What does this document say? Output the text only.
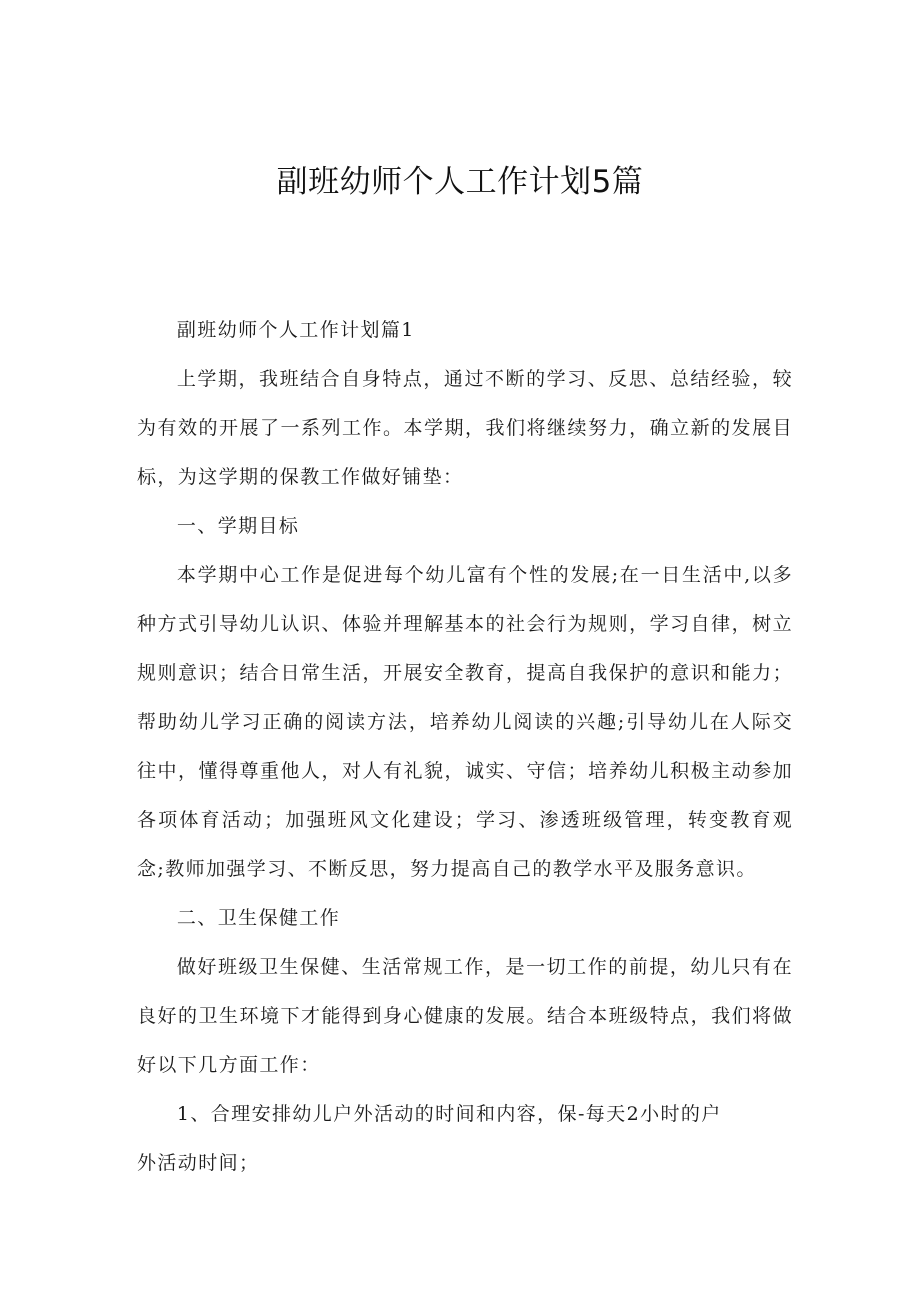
副班幼师个人工作计划5篇

副班幼师个人工作计划篇1

上学期，我班结合自身特点，通过不断的学习、反思、总结经验，较为有效的开展了一系列工作。本学期，我们将继续努力，确立新的发展目标，为这学期的保教工作做好铺垫：

一、学期目标

本学期中心工作是促进每个幼儿富有个性的发展;在一日生活中,以多种方式引导幼儿认识、体验并理解基本的社会行为规则，学习自律，树立规则意识；结合日常生活，开展安全教育，提高自我保护的意识和能力；帮助幼儿学习正确的阅读方法，培养幼儿阅读的兴趣;引导幼儿在人际交往中，懂得尊重他人，对人有礼貌，诚实、守信；培养幼儿积极主动参加各项体育活动；加强班风文化建设；学习、渗透班级管理，转变教育观念;教师加强学习、不断反思，努力提高自己的教学水平及服务意识。

二、卫生保健工作

做好班级卫生保健、生活常规工作，是一切工作的前提，幼儿只有在良好的卫生环境下才能得到身心健康的发展。结合本班级特点，我们将做好以下几方面工作：

1、合理安排幼儿户外活动的时间和内容，保-每天2小时的户

外活动时间；
